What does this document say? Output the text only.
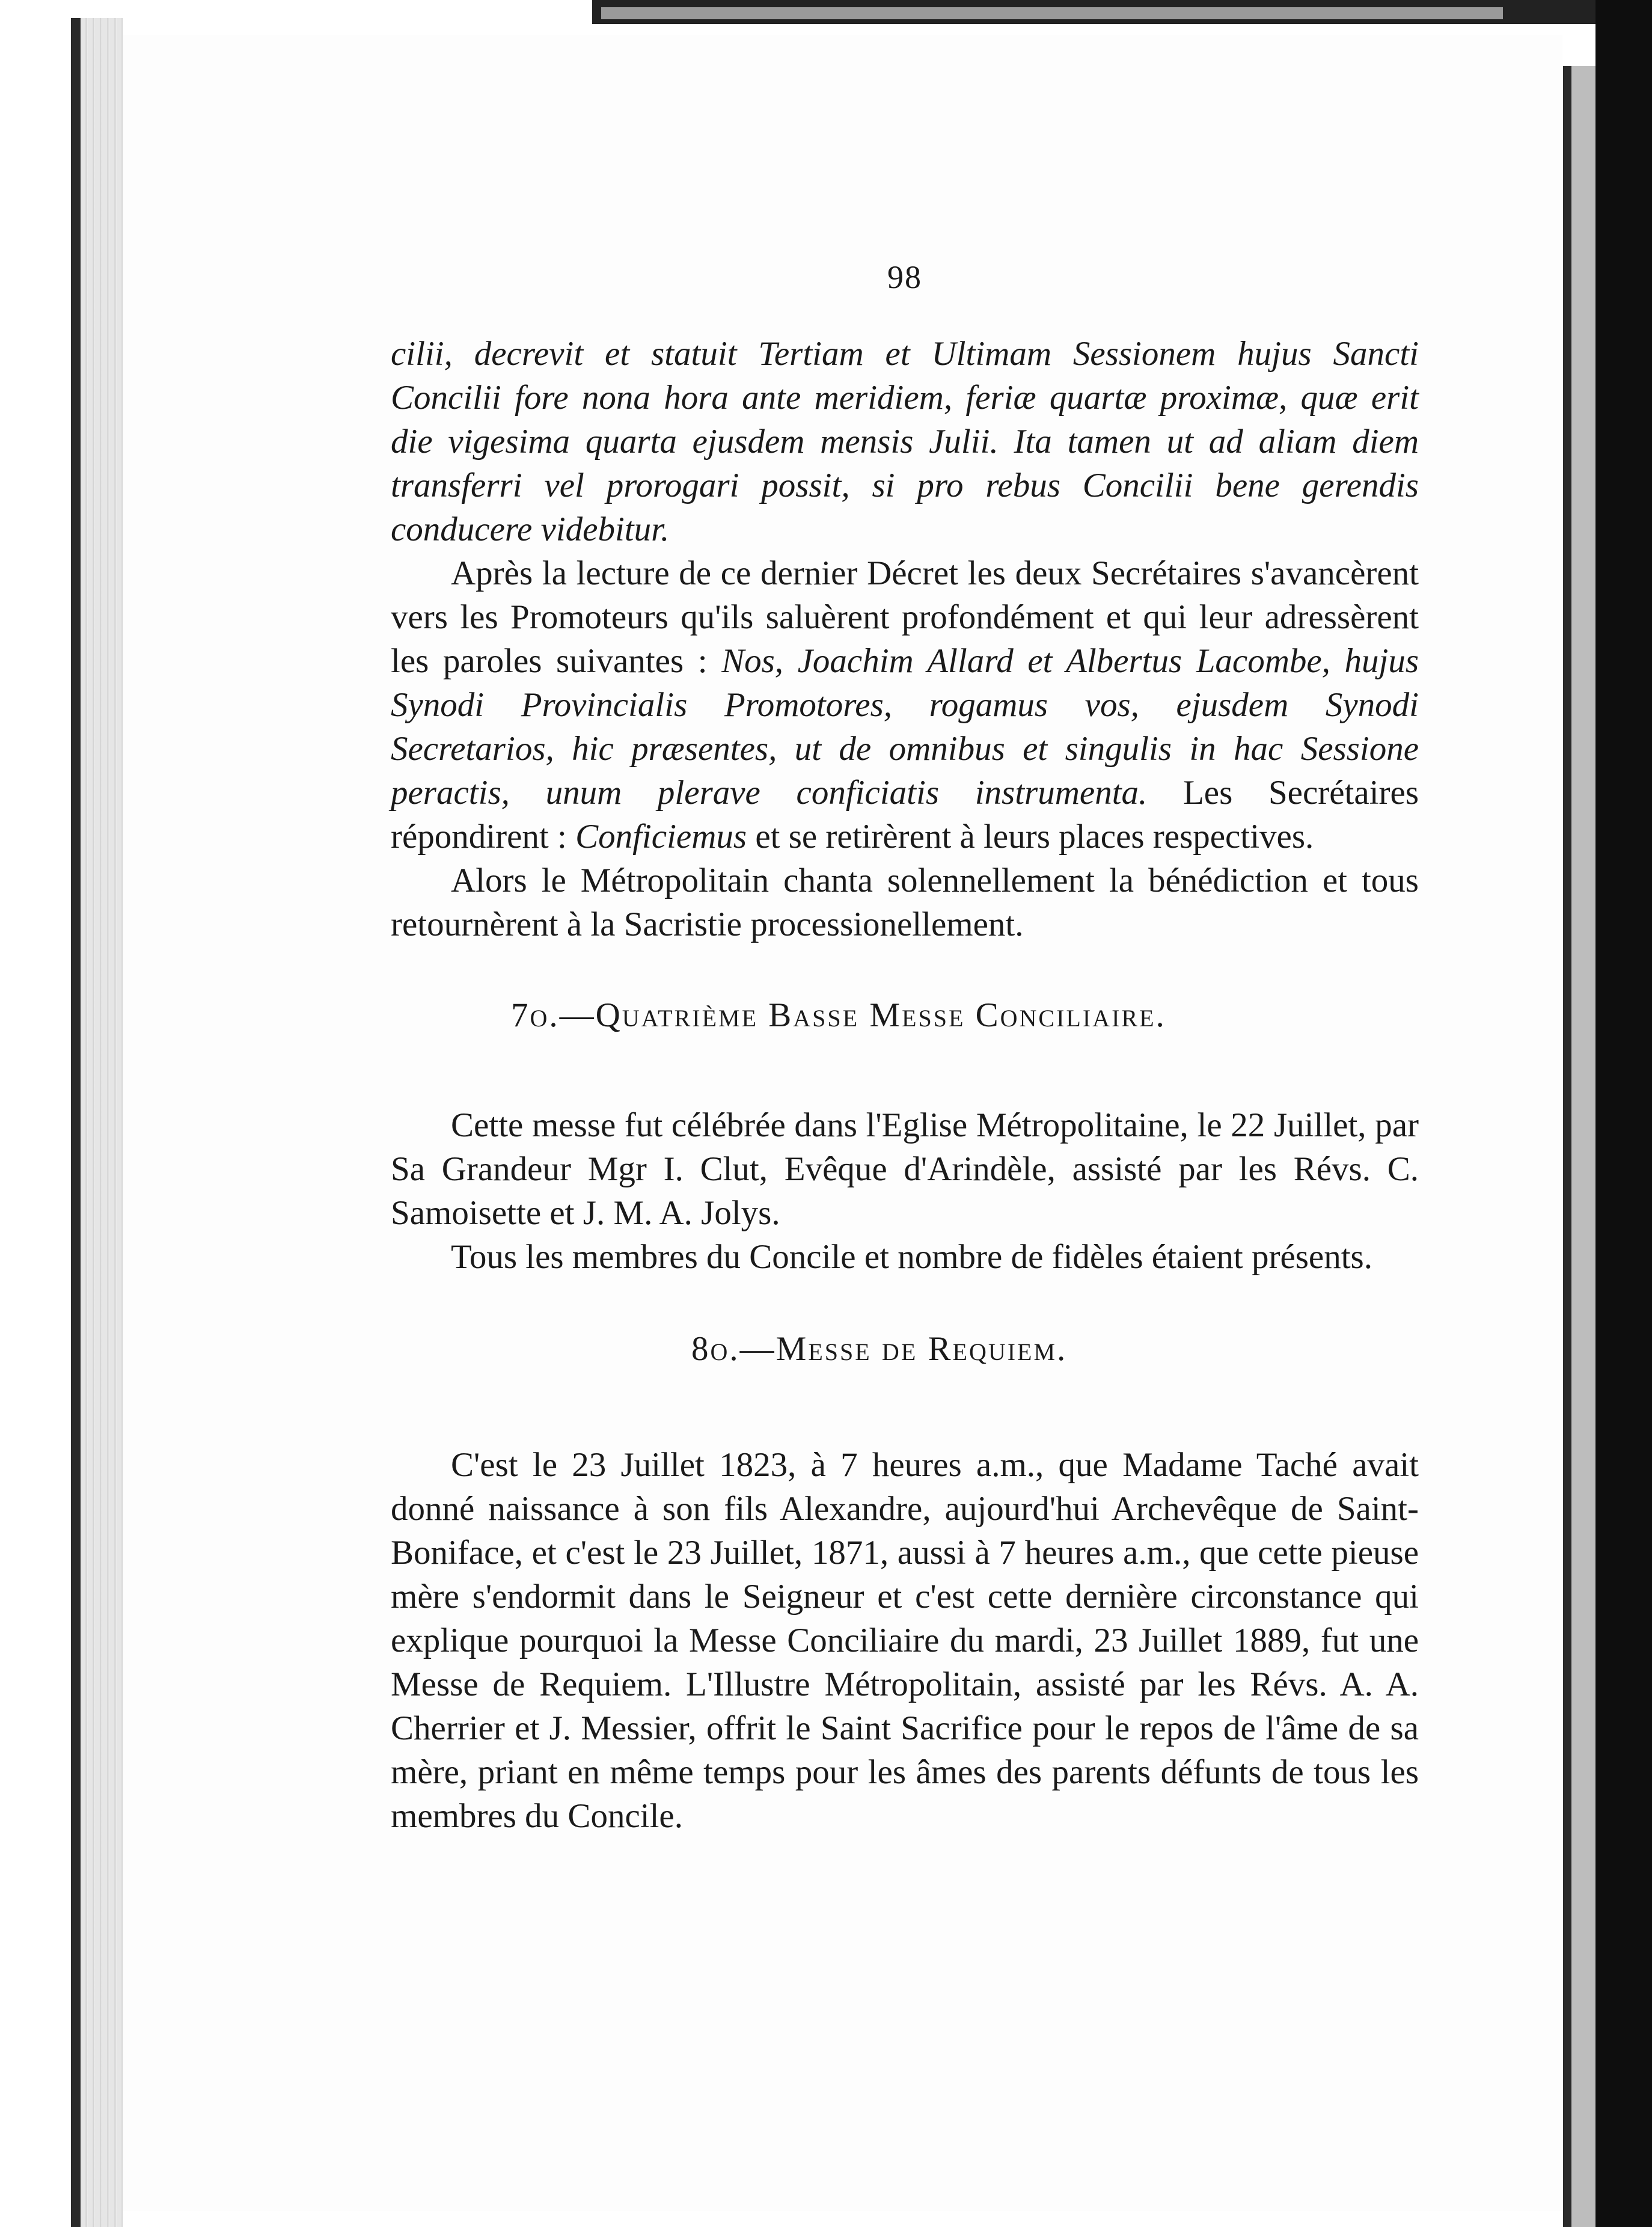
98

cilii, decrevit et statuit Tertiam et Ultimam Sessionem hujus Sancti Concilii fore nona hora ante meridiem, feriæ quartæ proximæ, quæ erit die vigesima quarta ejusdem mensis Julii. Ita tamen ut ad aliam diem transferri vel prorogari possit, si pro rebus Concilii bene gerendis conducere videbitur.

Après la lecture de ce dernier Décret les deux Secrétaires s'avancèrent vers les Promoteurs qu'ils saluèrent profondément et qui leur adressèrent les paroles suivantes : Nos, Joachim Allard et Albertus Lacombe, hujus Synodi Provincialis Promotores, rogamus vos, ejusdem Synodi Secretarios, hic præsentes, ut de omnibus et singulis in hac Sessione peractis, unum plerave conficiatis instrumenta. Les Secrétaires répondirent : Conficiemus et se retirèrent à leurs places respectives.

Alors le Métropolitain chanta solennellement la bénédiction et tous retournèrent à la Sacristie processionellement.

7o.—Quatrième Basse Messe Conciliaire.

Cette messe fut célébrée dans l'Eglise Métropolitaine, le 22 Juillet, par Sa Grandeur Mgr I. Clut, Evêque d'Arindèle, assisté par les Révs. C. Samoisette et J. M. A. Jolys.

Tous les membres du Concile et nombre de fidèles étaient présents.

8o.—Messe de Requiem.

C'est le 23 Juillet 1823, à 7 heures a.m., que Madame Taché avait donné naissance à son fils Alexandre, aujourd'hui Archevêque de Saint-Boniface, et c'est le 23 Juillet, 1871, aussi à 7 heures a.m., que cette pieuse mère s'endormit dans le Seigneur et c'est cette dernière circonstance qui explique pourquoi la Messe Conciliaire du mardi, 23 Juillet 1889, fut une Messe de Requiem. L'Illustre Métropolitain, assisté par les Révs. A. A. Cherrier et J. Messier, offrit le Saint Sacrifice pour le repos de l'âme de sa mère, priant en même temps pour les âmes des parents défunts de tous les membres du Concile.
